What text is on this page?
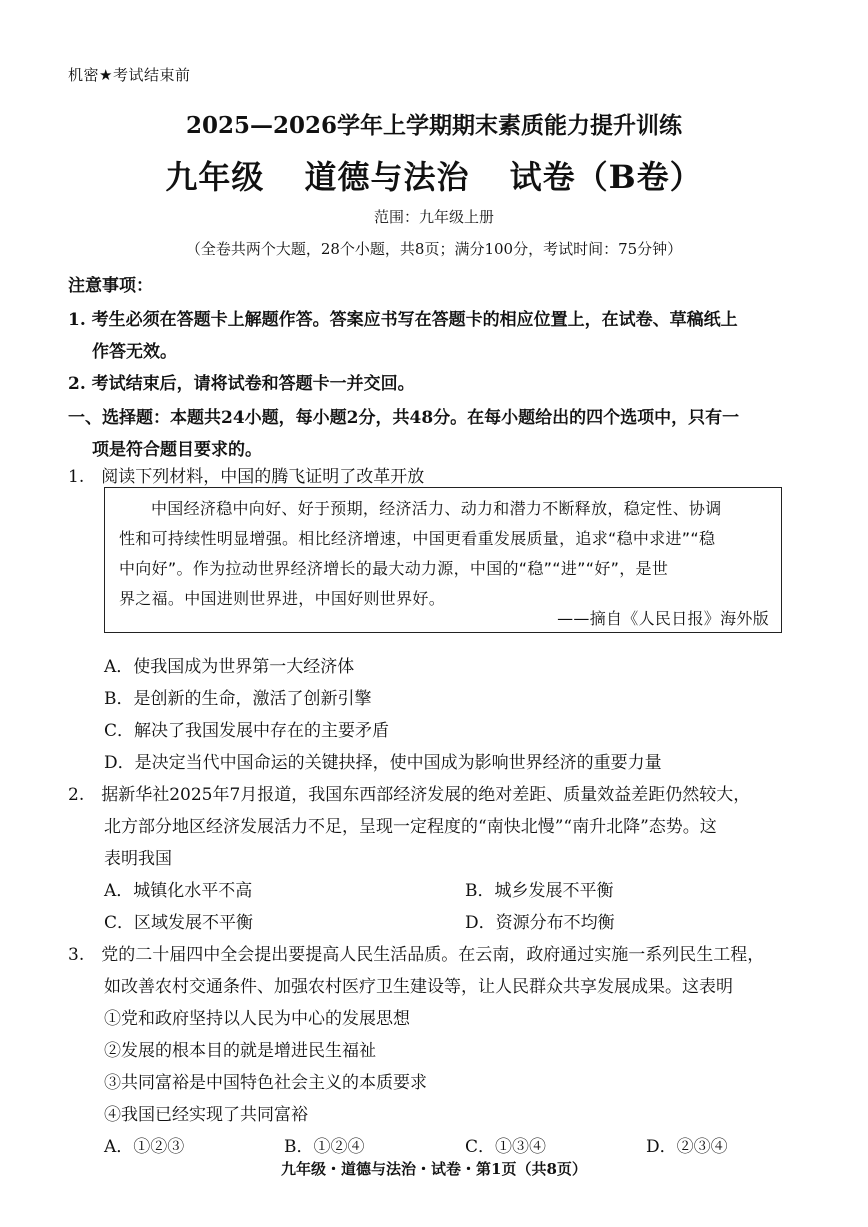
机密★考试结束前
2025—2026学年上学期期末素质能力提升训练
九年级 道德与法治 试卷（B卷）
范围：九年级上册
（全卷共两个大题，28个小题，共8页；满分100分，考试时间：75分钟）
注意事项：
1. 考生必须在答题卡上解题作答。答案应书写在答题卡的相应位置上，在试卷、草稿纸上
作答无效。
2. 考试结束后，请将试卷和答题卡一并交回。
一、选择题：本题共24小题，每小题2分，共48分。在每小题给出的四个选项中，只有一
项是符合题目要求的。
1.　阅读下列材料，中国的腾飞证明了改革开放
中国经济稳中向好、好于预期，经济活力、动力和潜力不断释放，稳定性、协调
性和可持续性明显增强。相比经济增速，中国更看重发展质量，追求“稳中求进”“稳
中向好”。作为拉动世界经济增长的最大动力源，中国的“稳”“进”“好”，是世
界之福。中国进则世界进，中国好则世界好。
——摘自《人民日报》海外版
A．使我国成为世界第一大经济体
B．是创新的生命，激活了创新引擎
C．解决了我国发展中存在的主要矛盾
D．是决定当代中国命运的关键抉择，使中国成为影响世界经济的重要力量
2.　据新华社2025年7月报道，我国东西部经济发展的绝对差距、质量效益差距仍然较大，
北方部分地区经济发展活力不足，呈现一定程度的“南快北慢”“南升北降”态势。这
表明我国
A．城镇化水平不高	B．城乡发展不平衡
C．区域发展不平衡	D．资源分布不均衡
3.　党的二十届四中全会提出要提高人民生活品质。在云南，政府通过实施一系列民生工程，
如改善农村交通条件、加强农村医疗卫生建设等，让人民群众共享发展成果。这表明
①党和政府坚持以人民为中心的发展思想
②发展的根本目的就是增进民生福祉
③共同富裕是中国特色社会主义的本质要求
④我国已经实现了共同富裕
A．①②③	B．①②④	C．①③④	D．②③④
九年级・道德与法治・试卷・第1页（共8页）
